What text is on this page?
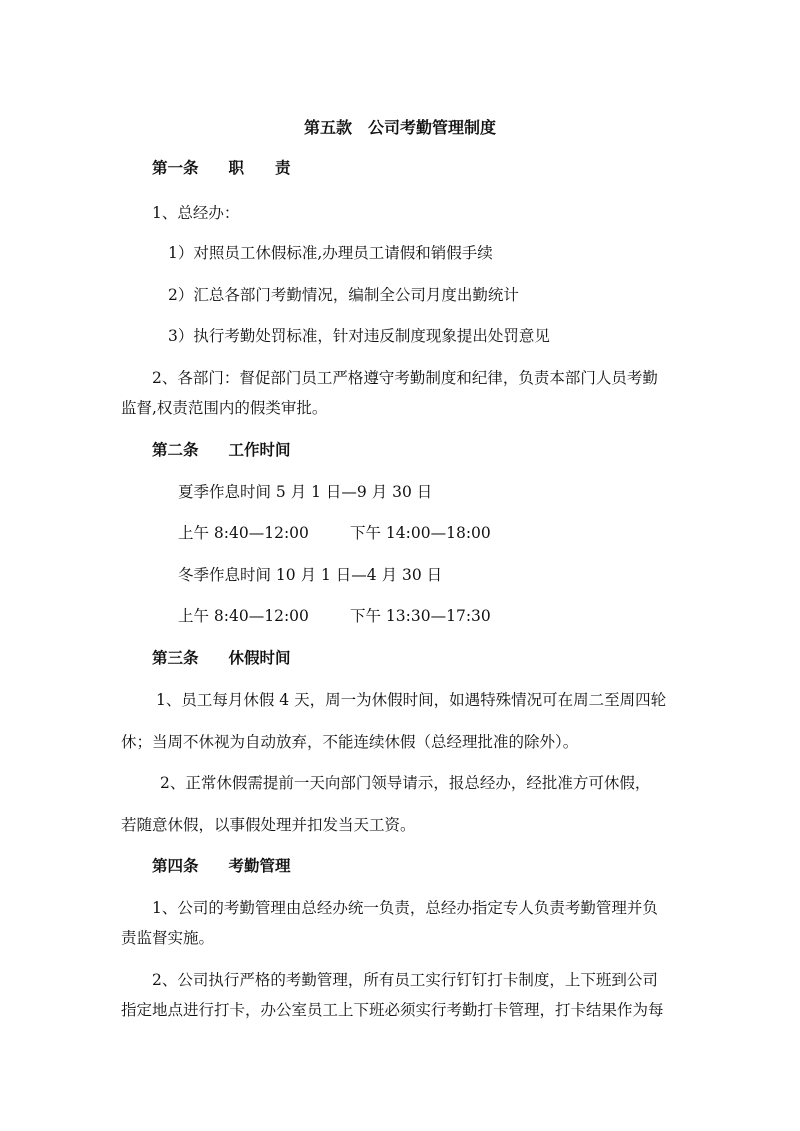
第五款　公司考勤管理制度
第一条 职　　责
1、总经办：
1）对照员工休假标准,办理员工请假和销假手续
2）汇总各部门考勤情况，编制全公司月度出勤统计
3）执行考勤处罚标准，针对违反制度现象提出处罚意见
2、各部门：督促部门员工严格遵守考勤制度和纪律，负责本部门人员考勤
监督,权责范围内的假类审批。
第二条 工作时间
夏季作息时间 5 月 1 日—9 月 30 日
上午 8:40—12:00	下午 14:00—18:00
冬季作息时间 10 月 1 日—4 月 30 日
上午 8:40—12:00	下午 13:30—17:30
第三条 休假时间
1、员工每月休假 4 天，周一为休假时间，如遇特殊情况可在周二至周四轮
休；当周不休视为自动放弃，不能连续休假（总经理批准的除外）。
2、正常休假需提前一天向部门领导请示，报总经办，经批准方可休假，
若随意休假，以事假处理并扣发当天工资。
第四条 考勤管理
1、公司的考勤管理由总经办统一负责，总经办指定专人负责考勤管理并负
责监督实施。
2、公司执行严格的考勤管理，所有员工实行钉钉打卡制度，上下班到公司
指定地点进行打卡，办公室员工上下班必须实行考勤打卡管理，打卡结果作为每
